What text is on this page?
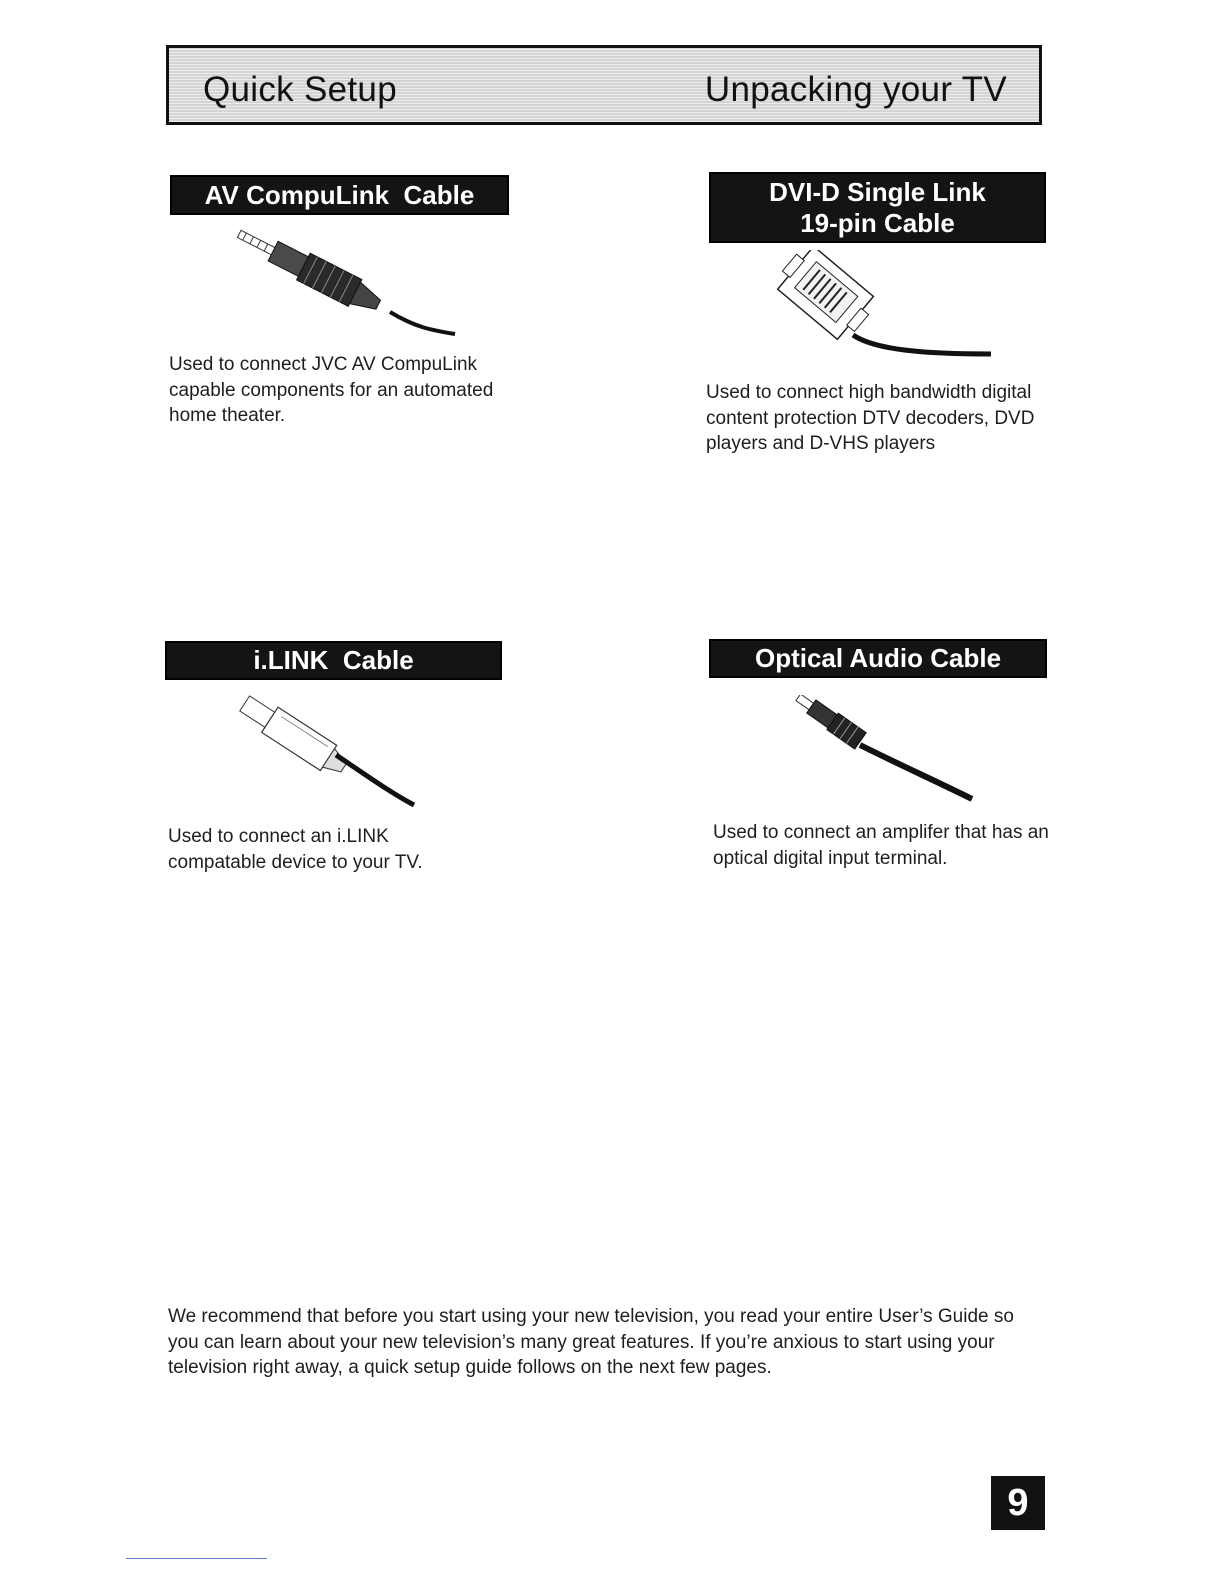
Quick Setup	Unpacking your TV
AV CompuLink  Cable
Used to connect JVC AV CompuLink capable components for an automated home theater.
DVI-D Single Link
19-pin Cable
Used to connect high bandwidth digital content protection DTV decoders, DVD players and D-VHS players
i.LINK  Cable
Used to connect an i.LINK compatable device to your TV.
Optical Audio Cable
Used to connect an amplifer that has an optical digital input terminal.
We recommend that before you start using your new television, you read your entire User’s Guide so you can learn about your new television’s many great features. If you’re anxious to start using your television right away, a quick setup guide follows on the next few pages.
9
